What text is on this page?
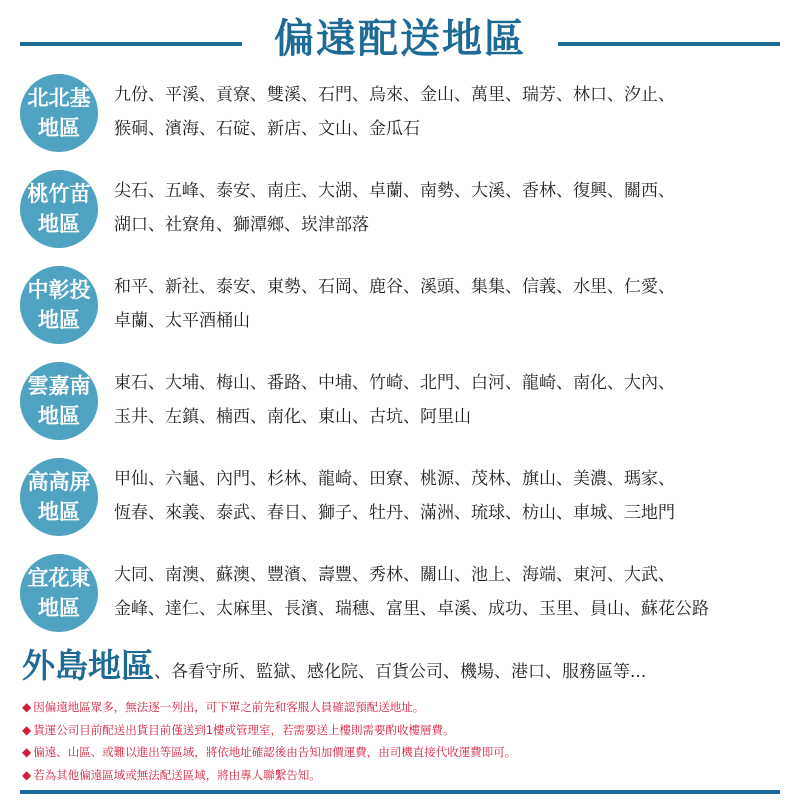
偏遠配送地區
北北基
地區
九份、平溪、貢寮、雙溪、石門、烏來、金山、萬里、瑞芳、林口、汐止、
猴硐、濱海、石碇、新店、文山、金瓜石
桃竹苗
地區
尖石、五峰、泰安、南庄、大湖、卓蘭、南勢、大溪、香林、復興、關西、
湖口、社寮角、獅潭鄉、崁津部落
中彰投
地區
和平、新社、泰安、東勢、石岡、鹿谷、溪頭、集集、信義、水里、仁愛、
卓蘭、太平酒桶山
雲嘉南
地區
東石、大埔、梅山、番路、中埔、竹崎、北門、白河、龍崎、南化、大內、
玉井、左鎮、楠西、南化、東山、古坑、阿里山
高高屏
地區
甲仙、六龜、內門、杉林、龍崎、田寮、桃源、茂林、旗山、美濃、瑪家、
恆春、來義、泰武、春日、獅子、牡丹、滿洲、琉球、枋山、車城、三地門
宜花東
地區
大同、南澳、蘇澳、豐濱、壽豐、秀林、關山、池上、海端、東河、大武、
金峰、達仁、太麻里、長濱、瑞穗、富里、卓溪、成功、玉里、員山、蘇花公路
外島地區、各看守所、監獄、感化院、百貨公司、機場、港口、服務區等...
◆ 因偏遠地區眾多，無法逐一列出，可下單之前先和客服人員確認預配送地址。
◆ 貨運公司目前配送出貨目前僅送到1樓或管理室，若需要送上樓則需要酌收樓層費。
◆ 偏遠、山區、或難以進出等區域，將依地址確認後由告知加價運費，由司機直接代收運費即可。
◆ 若為其他偏遠區域或無法配送區域，將由專人聯繫告知。
